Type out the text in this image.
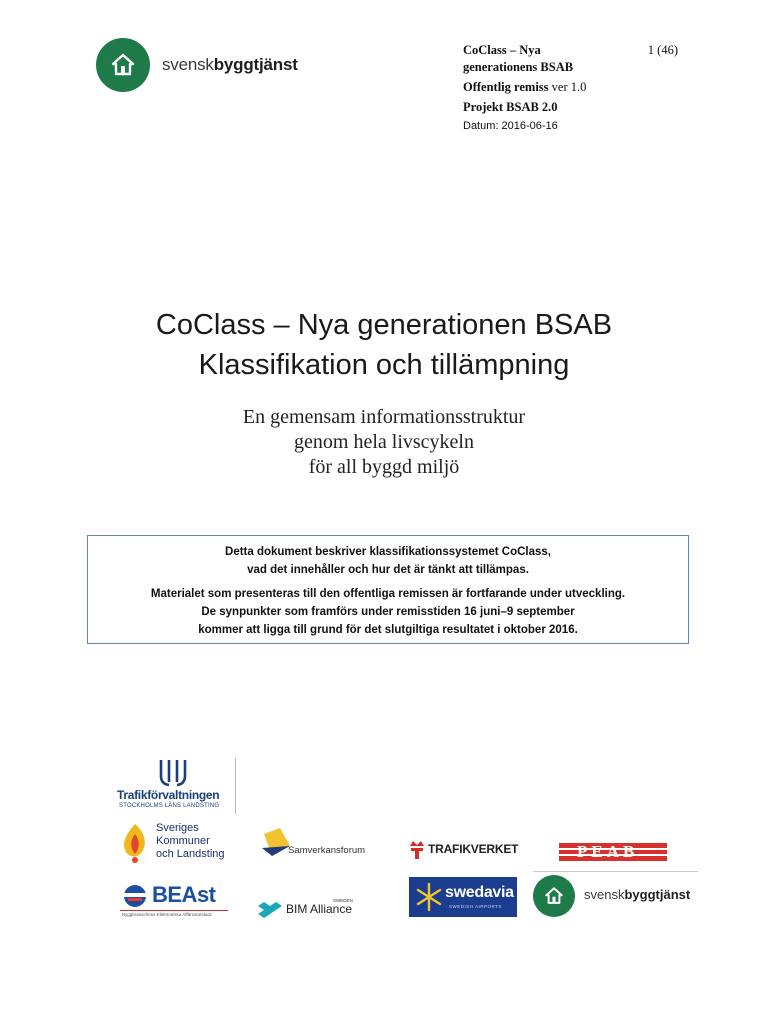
svenskbyggtjänst
CoClass – Nya generationens BSAB
1 (46)
Offentlig remiss ver 1.0
Projekt BSAB 2.0
Datum: 2016-06-16
CoClass – Nya generationen BSAB
Klassifikation och tillämpning
En gemensam informationsstruktur
genom hela livscykeln
för all byggd miljö
Detta dokument beskriver klassifikationssystemet CoClass,
vad det innehåller och hur det är tänkt att tillämpas.
Materialet som presenteras till den offentliga remissen är fortfarande under utveckling.
De synpunkter som framförs under remisstiden 16 juni–9 september
kommer att ligga till grund för det slutgiltiga resultatet i oktober 2016.
Trafikförvaltningen
STOCKHOLMS LÄNS LANDSTING
Sveriges
Kommuner
och Landsting	Samverkansforum	TRAFIKVERKET	PEAB
BEAst
Byggbranschens Elektroniska Affärsstandard	BIM Alliance
SWEDEN	swedavia
SWEDISH AIRPORTS
svenskbyggtjänst
